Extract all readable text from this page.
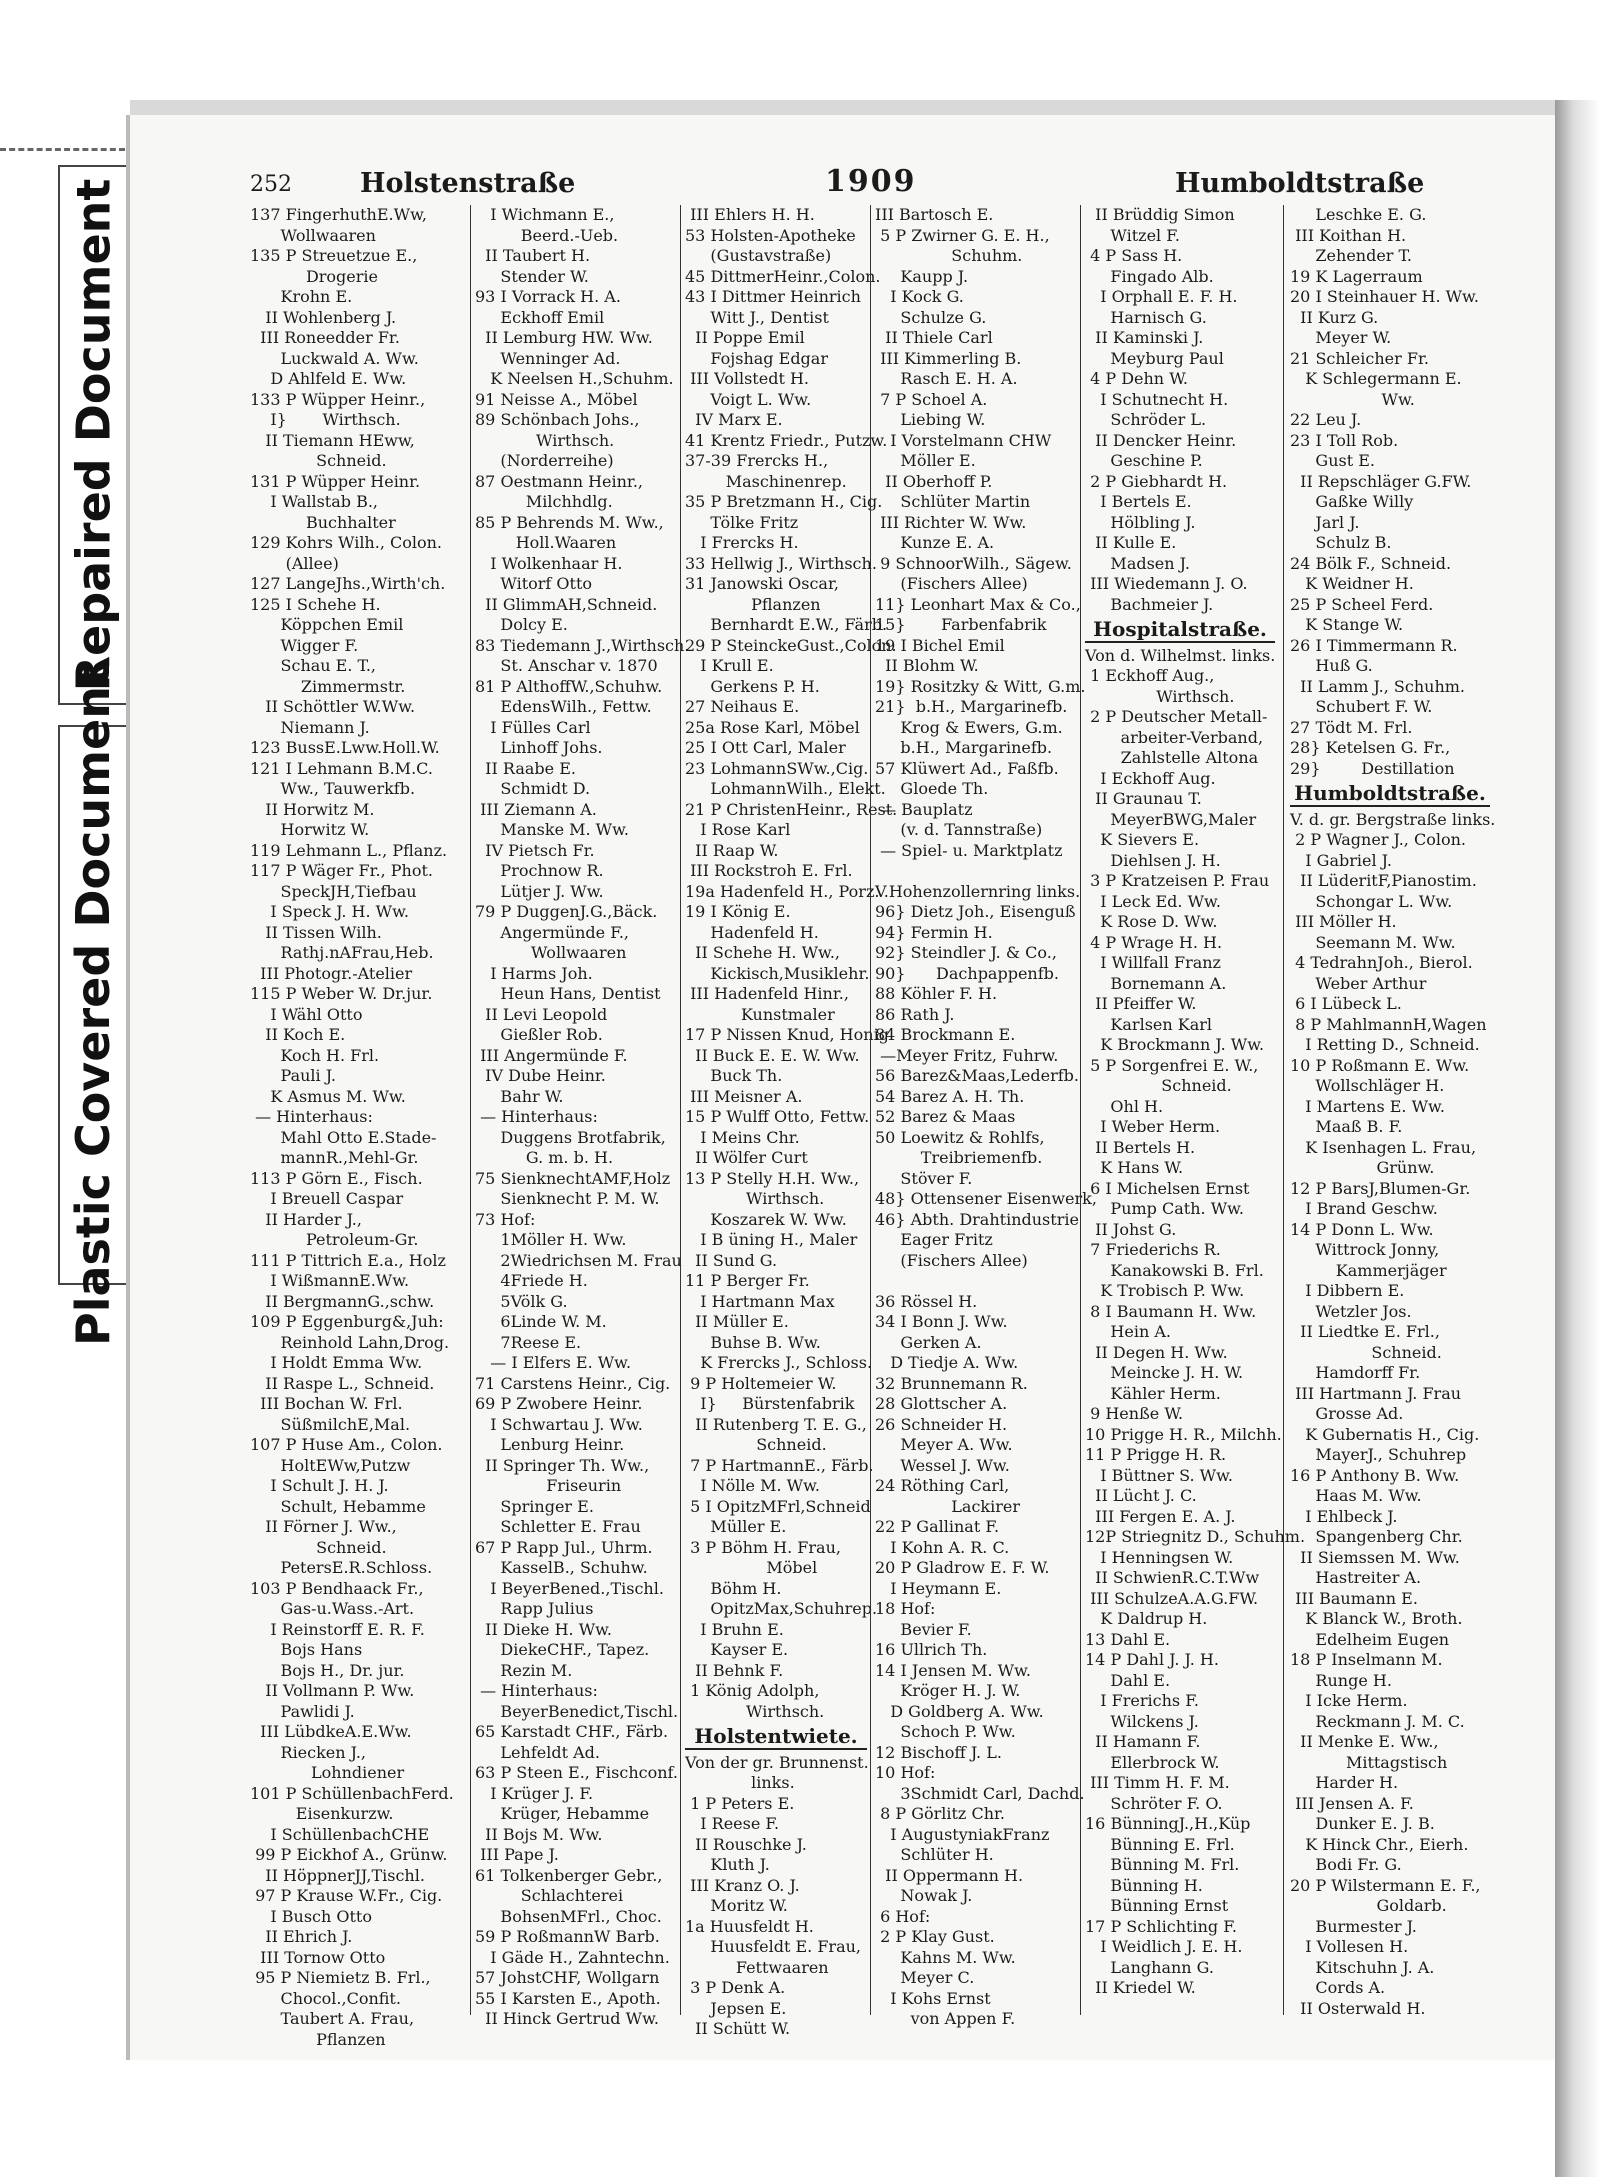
Repaired Document
Plastic Covered Document
252	Holstenstraße	1909	Humboldtstraße
137 FingerhuthE.Ww,
Wollwaaren
135 P Streuetzue E.,
Drogerie
Krohn E.
II Wohlenberg J.
III Roneedder Fr.
Luckwald A. Ww.
D Ahlfeld E. Ww.
133 P Wüpper Heinr.,
I}       Wirthsch.
II Tiemann HEww,
Schneid.
131 P Wüpper Heinr.
I Wallstab B.,
Buchhalter
129 Kohrs Wilh., Colon.
(Allee)
127 LangeJhs.,Wirth'ch.
125 I Schehe H.
Köppchen Emil
Wigger F.
Schau E. T.,
Zimmermstr.
II Schöttler W.Ww.
Niemann J.
123 BussE.Lww.Holl.W.
121 I Lehmann B.M.C.
Ww., Tauwerkfb.
II Horwitz M.
Horwitz W.
119 Lehmann L., Pflanz.
117 P Wäger Fr., Phot.
SpeckJH,Tiefbau
I Speck J. H. Ww.
II Tissen Wilh.
Rathj.nAFrau,Heb.
III Photogr.-Atelier
115 P Weber W. Dr.jur.
I Wähl Otto
II Koch E.
Koch H. Frl.
Pauli J.
K Asmus M. Ww.
— Hinterhaus:
Mahl Otto E.Stade-
mannR.,Mehl-Gr.
113 P Görn E., Fisch.
I Breuell Caspar
II Harder J.,
Petroleum-Gr.
111 P Tittrich E.a., Holz
I WißmannE.Ww.
II BergmannG.,schw.
109 P Eggenburg&,Juh:
Reinhold Lahn,Drog.
I Holdt Emma Ww.
II Raspe L., Schneid.
III Bochan W. Frl.
SüßmilchE,Mal.
107 P Huse Am., Colon.
HoltEWw,Putzw
I Schult J. H. J.
Schult, Hebamme
II Förner J. Ww.,
Schneid.
PetersE.R.Schloss.
103 P Bendhaack Fr.,
Gas-u.Wass.-Art.
I Reinstorff E. R. F.
Bojs Hans
Bojs H., Dr. jur.
II Vollmann P. Ww.
Pawlidi J.
III LübdkeA.E.Ww.
Riecken J.,
Lohndiener
101 P SchüllenbachFerd.
Eisenkurzw.
I SchüllenbachCHE
99 P Eickhof A., Grünw.
II HöppnerJJ,Tischl.
97 P Krause W.Fr., Cig.
I Busch Otto
II Ehrich J.
III Tornow Otto
95 P Niemietz B. Frl.,
Chocol.,Confit.
Taubert A. Frau,
Pflanzen
I Wichmann E.,
Beerd.-Ueb.
II Taubert H.
Stender W.
93 I Vorrack H. A.
Eckhoff Emil
II Lemburg HW. Ww.
Wenninger Ad.
K Neelsen H.,Schuhm.
91 Neisse A., Möbel
89 Schönbach Johs.,
Wirthsch.
(Norderreihe)
87 Oestmann Heinr.,
Milchhdlg.
85 P Behrends M. Ww.,
Holl.Waaren
I Wolkenhaar H.
Witorf Otto
II GlimmAH,Schneid.
Dolcy E.
83 Tiedemann J.,Wirthsch.
St. Anschar v. 1870
81 P AlthoffW.,Schuhw.
EdensWilh., Fettw.
I Fülles Carl
Linhoff Johs.
II Raabe E.
Schmidt D.
III Ziemann A.
Manske M. Ww.
IV Pietsch Fr.
Prochnow R.
Lütjer J. Ww.
79 P DuggenJ.G.,Bäck.
Angermünde F.,
Wollwaaren
I Harms Joh.
Heun Hans, Dentist
II Levi Leopold
Gießler Rob.
III Angermünde F.
IV Dube Heinr.
Bahr W.
— Hinterhaus:
Duggens Brotfabrik,
G. m. b. H.
75 SienknechtAMF,Holz
Sienknecht P. M. W.
73 Hof:
1Möller H. Ww.
2Wiedrichsen M. Frau
4Friede H.
5Völk G.
6Linde W. M.
7Reese E.
— I Elfers E. Ww.
71 Carstens Heinr., Cig.
69 P Zwobere Heinr.
I Schwartau J. Ww.
Lenburg Heinr.
II Springer Th. Ww.,
Friseurin
Springer E.
Schletter E. Frau
67 P Rapp Jul., Uhrm.
KasselB., Schuhw.
I BeyerBened.,Tischl.
Rapp Julius
II Dieke H. Ww.
DiekeCHF., Tapez.
Rezin M.
— Hinterhaus:
BeyerBenedict,Tischl.
65 Karstadt CHF., Färb.
Lehfeldt Ad.
63 P Steen E., Fischconf.
I Krüger J. F.
Krüger, Hebamme
II Bojs M. Ww.
III Pape J.
61 Tolkenberger Gebr.,
Schlachterei
BohsenMFrl., Choc.
59 P RoßmannW Barb.
I Gäde H., Zahntechn.
57 JohstCHF, Wollgarn
55 I Karsten E., Apoth.
II Hinck Gertrud Ww.
III Ehlers H. H.
53 Holsten-Apotheke
(Gustavstraße)
45 DittmerHeinr.,Colon.
43 I Dittmer Heinrich
Witt J., Dentist
II Poppe Emil
Fojshag Edgar
III Vollstedt H.
Voigt L. Ww.
IV Marx E.
41 Krentz Friedr., Putzw.
37-39 Frercks H.,
Maschinenrep.
35 P Bretzmann H., Cig.
Tölke Fritz
I Frercks H.
33 Hellwig J., Wirthsch.
31 Janowski Oscar,
Pflanzen
Bernhardt E.W., Färb.
29 P SteinckeGust.,Colon.
I Krull E.
Gerkens P. H.
27 Neihaus E.
25a Rose Karl, Möbel
25 I Ott Carl, Maler
23 LohmannSWw.,Cig.
LohmannWilh., Elekt.
21 P ChristenHeinr., Rest.
I Rose Karl
II Raap W.
III Rockstroh E. Frl.
19a Hadenfeld H., Porz.
19 I König E.
Hadenfeld H.
II Schehe H. Ww.,
Kickisch,Musiklehr.
III Hadenfeld Hinr.,
Kunstmaler
17 P Nissen Knud, Honig
II Buck E. E. W. Ww.
Buck Th.
III Meisner A.
15 P Wulff Otto, Fettw.
I Meins Chr.
II Wölfer Curt
13 P Stelly H.H. Ww.,
Wirthsch.
Koszarek W. Ww.
I B üning H., Maler
II Sund G.
11 P Berger Fr.
I Hartmann Max
II Müller E.
Buhse B. Ww.
K Frercks J., Schloss.
9 P Holtemeier W.
I}     Bürstenfabrik
II Rutenberg T. E. G.,
Schneid.
7 P HartmannE., Färb.
I Nölle M. Ww.
5 I OpitzMFrl,Schneid
Müller E.
3 P Böhm H. Frau,
Möbel
Böhm H.
OpitzMax,Schuhrep.
I Bruhn E.
Kayser E.
II Behnk F.
1 König Adolph,
Wirthsch.
Holstentwiete.
Von der gr. Brunnenst.
links.
1 P Peters E.
I Reese F.
II Rouschke J.
Kluth J.
III Kranz O. J.
Moritz W.
1a Huusfeldt H.
Huusfeldt E. Frau,
Fettwaaren
3 P Denk A.
Jepsen E.
II Schütt W.
III Bartosch E.
5 P Zwirner G. E. H.,
Schuhm.
Kaupp J.
I Kock G.
Schulze G.
II Thiele Carl
III Kimmerling B.
Rasch E. H. A.
7 P Schoel A.
Liebing W.
I Vorstelmann CHW
Möller E.
II Oberhoff P.
Schlüter Martin
III Richter W. Ww.
Kunze E. A.
9 SchnoorWilh., Sägew.
(Fischers Allee)
11} Leonhart Max & Co.,
15}       Farbenfabrik
19 I Bichel Emil
II Blohm W.
19} Rositzky & Witt, G.m.
21}  b.H., Margarinefb.
Krog & Ewers, G.m.
b.H., Margarinefb.
57 Klüwert Ad., Faßfb.
Gloede Th.
— Bauplatz
(v. d. Tannstraße)
— Spiel- u. Marktplatz
V.Hohenzollernring links.
96} Dietz Joh., Eisenguß
94} Fermin H.
92} Steindler J. & Co.,
90}      Dachpappenfb.
88 Köhler F. H.
86 Rath J.
84 Brockmann E.
—Meyer Fritz, Fuhrw.
56 Barez&Maas,Lederfb.
54 Barez A. H. Th.
52 Barez & Maas
50 Loewitz & Rohlfs,
Treibriemenfb.
Stöver F.
48} Ottensener Eisenwerk,
46} Abth. Drahtindustrie
Eager Fritz
(Fischers Allee)
36 Rössel H.
34 I Bonn J. Ww.
Gerken A.
D Tiedje A. Ww.
32 Brunnemann R.
28 Glottscher A.
26 Schneider H.
Meyer A. Ww.
Wessel J. Ww.
24 Röthing Carl,
Lackirer
22 P Gallinat F.
I Kohn A. R. C.
20 P Gladrow E. F. W.
I Heymann E.
18 Hof:
Bevier F.
16 Ullrich Th.
14 I Jensen M. Ww.
Kröger H. J. W.
D Goldberg A. Ww.
Schoch P. Ww.
12 Bischoff J. L.
10 Hof:
3Schmidt Carl, Dachd.
8 P Görlitz Chr.
I AugustyniakFranz
Schlüter H.
II Oppermann H.
Nowak J.
6 Hof:
2 P Klay Gust.
Kahns M. Ww.
Meyer C.
I Kohs Ernst
von Appen F.
II Brüddig Simon
Witzel F.
4 P Sass H.
Fingado Alb.
I Orphall E. F. H.
Harnisch G.
II Kaminski J.
Meyburg Paul
4 P Dehn W.
I Schutnecht H.
Schröder L.
II Dencker Heinr.
Geschine P.
2 P Giebhardt H.
I Bertels E.
Hölbling J.
II Kulle E.
Madsen J.
III Wiedemann J. O.
Bachmeier J.
Hospitalstraße.
Von d. Wilhelmst. links.
1 Eckhoff Aug.,
Wirthsch.
2 P Deutscher Metall-
arbeiter-Verband,
Zahlstelle Altona
I Eckhoff Aug.
II Graunau T.
MeyerBWG,Maler
K Sievers E.
Diehlsen J. H.
3 P Kratzeisen P. Frau
I Leck Ed. Ww.
K Rose D. Ww.
4 P Wrage H. H.
I Willfall Franz
Bornemann A.
II Pfeiffer W.
Karlsen Karl
K Brockmann J. Ww.
5 P Sorgenfrei E. W.,
Schneid.
Ohl H.
I Weber Herm.
II Bertels H.
K Hans W.
6 I Michelsen Ernst
Pump Cath. Ww.
II Johst G.
7 Friederichs R.
Kanakowski B. Frl.
K Trobisch P. Ww.
8 I Baumann H. Ww.
Hein A.
II Degen H. Ww.
Meincke J. H. W.
Kähler Herm.
9 Henße W.
10 Prigge H. R., Milchh.
11 P Prigge H. R.
I Büttner S. Ww.
II Lücht J. C.
III Fergen E. A. J.
12P Striegnitz D., Schuhm.
I Henningsen W.
II SchwienR.C.T.Ww
III SchulzeA.A.G.FW.
K Daldrup H.
13 Dahl E.
14 P Dahl J. J. H.
Dahl E.
I Frerichs F.
Wilckens J.
II Hamann F.
Ellerbrock W.
III Timm H. F. M.
Schröter F. O.
16 BünningJ.,H.,Küp
Bünning E. Frl.
Bünning M. Frl.
Bünning H.
Bünning Ernst
17 P Schlichting F.
I Weidlich J. E. H.
Langhann G.
II Kriedel W.
Leschke E. G.
III Koithan H.
Zehender T.
19 K Lagerraum
20 I Steinhauer H. Ww.
II Kurz G.
Meyer W.
21 Schleicher Fr.
K Schlegermann E.
Ww.
22 Leu J.
23 I Toll Rob.
Gust E.
II Repschläger G.FW.
Gaßke Willy
Jarl J.
Schulz B.
24 Bölk F., Schneid.
K Weidner H.
25 P Scheel Ferd.
K Stange W.
26 I Timmermann R.
Huß G.
II Lamm J., Schuhm.
Schubert F. W.
27 Tödt M. Frl.
28} Ketelsen G. Fr.,
29}        Destillation
Humboldtstraße.
V. d. gr. Bergstraße links.
2 P Wagner J., Colon.
I Gabriel J.
II LüderitF,Pianostim.
Schongar L. Ww.
III Möller H.
Seemann M. Ww.
4 TedrahnJoh., Bierol.
Weber Arthur
6 I Lübeck L.
8 P MahlmannH,Wagen
I Retting D., Schneid.
10 P Roßmann E. Ww.
Wollschläger H.
I Martens E. Ww.
Maaß B. F.
K Isenhagen L. Frau,
Grünw.
12 P BarsJ,Blumen-Gr.
I Brand Geschw.
14 P Donn L. Ww.
Wittrock Jonny,
Kammerjäger
I Dibbern E.
Wetzler Jos.
II Liedtke E. Frl.,
Schneid.
Hamdorff Fr.
III Hartmann J. Frau
Grosse Ad.
K Gubernatis H., Cig.
MayerJ., Schuhrep
16 P Anthony B. Ww.
Haas M. Ww.
I Ehlbeck J.
Spangenberg Chr.
II Siemssen M. Ww.
Hastreiter A.
III Baumann E.
K Blanck W., Broth.
Edelheim Eugen
18 P Inselmann M.
Runge H.
I Icke Herm.
Reckmann J. M. C.
II Menke E. Ww.,
Mittagstisch
Harder H.
III Jensen A. F.
Dunker E. J. B.
K Hinck Chr., Eierh.
Bodi Fr. G.
20 P Wilstermann E. F.,
Goldarb.
Burmester J.
I Vollesen H.
Kitschuhn J. A.
Cords A.
II Osterwald H.
